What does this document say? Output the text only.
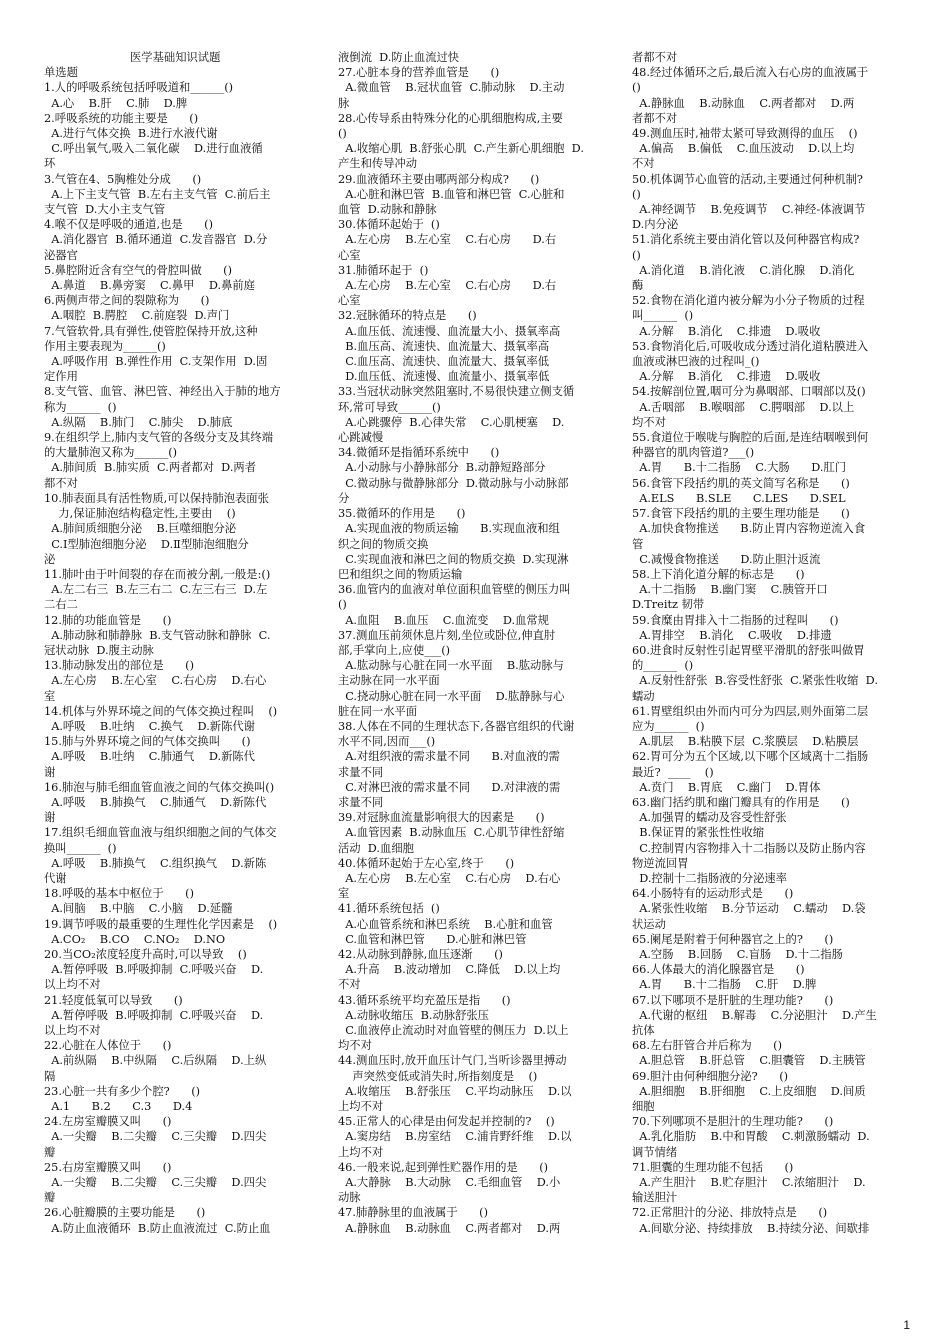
医学基础知识试题
单选题
1.人的呼吸系统包括呼吸道和______()
A.心    B.肝    C.肺    D.脾
2.呼吸系统的功能主要是      ()
A.进行气体交换  B.进行水液代谢
C.呼出氧气,吸入二氧化碳    D.进行血液循
环
3.气管在4、5胸椎处分成      ()
A.上下主支气管  B.左右主支气管  C.前后主
支气管  D.大小主支气管
4.喉不仅是呼吸的通道,也是      ()
A.消化器官  B.循环通道  C.发音器官  D.分
泌器官
5.鼻腔附近含有空气的骨腔叫做      ()
A.鼻道    B.鼻旁窦    C.鼻甲    D.鼻前庭
6.两侧声带之间的裂隙称为      ()
A.咽腔  B.腭腔    C.前庭裂  D.声门
7.气管软骨,具有弹性,使管腔保持开放,这种
作用主要表现为______()
A.呼吸作用  B.弹性作用  C.支架作用  D.固
定作用
8.支气管、血管、淋巴管、神经出入于肺的地方
称为______  ()
A.纵隔    B.肺门    C.肺尖    D.肺底
9.在组织学上,肺内支气管的各级分支及其终端
的大量肺泡又称为______()
A.肺间质  B.肺实质  C.两者都对  D.两者
都不对
10.肺表面具有活性物质,可以保持肺泡表面张
力,保证肺泡结构稳定性,主要由    ()
A.肺间质细胞分泌    B.巨噬细胞分泌
C.Ⅰ型肺泡细胞分泌    D.Ⅱ型肺泡细胞分
泌
11.肺叶由于叶间裂的存在而被分割,一般是:()
A.左二右三  B.左三右二  C.左三右三  D.左
二右二
12.肺的功能血管是      ()
A.肺动脉和肺静脉  B.支气管动脉和静脉  C.
冠状动脉  D.腹主动脉
13.肺动脉发出的部位是      ()
A.左心房    B.左心室    C.右心房    D.右心
室
14.机体与外界环境之间的气体交换过程叫    ()
A.呼吸    B.吐纳    C.换气    D.新陈代谢
15.肺与外界环境之间的气体交换叫      ()
A.呼吸    B.吐纳    C.肺通气    D.新陈代
谢
16.肺泡与肺毛细血管血液之间的气体交换叫()
A.呼吸    B.肺换气    C.肺通气    D.新陈代
谢
17.组织毛细血管血液与组织细胞之间的气体交
换叫______  ()
A.呼吸    B.肺换气    C.组织换气    D.新陈
代谢
18.呼吸的基本中枢位于      ()
A.间脑    B.中脑    C.小脑    D.延髓
19.调节呼吸的最重要的生理性化学因素是    ()
A.CO₂    B.CO    C.NO₂    D.NO
20.当CO₂浓度轻度升高时,可以导致    ()
A.暂停呼吸  B.呼吸抑制  C.呼吸兴奋    D.
以上均不对
21.轻度低氧可以导致      ()
A.暂停呼吸  B.呼吸抑制  C.呼吸兴奋    D.
以上均不对
22.心脏在人体位于      ()
A.前纵隔    B.中纵隔    C.后纵隔    D.上纵
隔
23.心脏一共有多少个腔?      ()
A.1      B.2      C.3      D.4
24.左房室瓣膜又叫      ()
A.一尖瓣    B.二尖瓣    C.三尖瓣    D.四尖
瓣
25.右房室瓣膜又叫      ()
A.一尖瓣    B.二尖瓣    C.三尖瓣    D.四尖
瓣
26.心脏瓣膜的主要功能是      ()
A.防止血液循环  B.防止血液流过  C.防止血
液倒流  D.防止血流过快
27.心脏本身的营养血管是      ()
A.微血管    B.冠状血管  C.肺动脉    D.主动
脉
28.心传导系由特殊分化的心肌细胞构成,主要
()
A.收缩心肌  B.舒张心肌  C.产生新心肌细胞  D.
产生和传导冲动
29.血液循环主要由哪两部分构成?      ()
A.心脏和淋巴管  B.血管和淋巴管  C.心脏和
血管  D.动脉和静脉
30.体循环起始于  ()
A.左心房    B.左心室    C.右心房      D.右
心室
31.肺循环起于  ()
A.左心房    B.左心室    C.右心房      D.右
心室
32.冠脉循环的特点是      ()
A.血压低、流速慢、血流量大小、摄氧率高
B.血压高、流速快、血流量大、摄氧率高
C.血压高、流速快、血流量大、摄氧率低
D.血压低、流速慢、血流量小、摄氧率低
33.当冠状动脉突然阻塞时,不易很快建立侧支循
环,常可导致______()
A.心跳骤停  B.心律失常    C.心肌梗塞    D.
心跳减慢
34.微循环是指循环系统中      ()
A.小动脉与小静脉部分  B.动静短路部分
C.微动脉与微静脉部分  D.微动脉与小动脉部
分
35.微循环的作用是      ()
A.实现血液的物质运输      B.实现血液和组
织之间的物质交换
C.实现血液和淋巴之间的物质交换  D.实现淋
巴和组织之间的物质运输
36.血管内的血液对单位面积血管壁的侧压力叫
()
A.血阻    B.血压    C.血流变    D.血常规
37.测血压前须休息片刻,坐位或卧位,伸直肘
部,手掌向上,应使___()
A.肱动脉与心脏在同一水平面    B.肱动脉与
主动脉在同一水平面
C.挠动脉心脏在同一水平面    D.肱静脉与心
脏在同一水平面
38.人体在不同的生理状态下,各器官组织的代谢
水平不同,因而___()
A.对组织液的需求量不同      B.对血液的需
求量不同
C.对淋巴液的需求量不同      D.对津液的需
求量不同
39.对冠脉血流量影响很大的因素是      ()
A.血管因素  B.动脉血压  C.心肌节律性舒缩
活动  D.血细胞
40.体循环起始于左心室,终于      ()
A.左心房    B.左心室    C.右心房    D.右心
室
41.循环系统包括  ()
A.心血管系统和淋巴系统    B.心脏和血管
C.血管和淋巴管      D.心脏和淋巴管
42.从动脉到静脉,血压逐渐      ()
A.升高    B.波动增加    C.降低    D.以上均
不对
43.循环系统平均充盈压是指      ()
A.动脉收缩压  B.动脉舒张压
C.血液停止流动时对血管壁的侧压力  D.以上
均不对
44.测血压时,放开血压计气门,当听诊器里搏动
声突然变低或消失时,所指刻度是    ()
A.收缩压    B.舒张压    C.平均动脉压    D.以
上均不对
45.正常人的心律是由何发起并控制的?    ()
A.窦房结    B.房室结    C.浦肯野纤维    D.以
上均不对
46.一般来说,起到弹性贮器作用的是      ()
A.大静脉    B.大动脉    C.毛细血管    D.小
动脉
47.肺静脉里的血液属于      ()
A.静脉血    B.动脉血    C.两者都对    D.两
者都不对
48.经过体循环之后,最后流入右心房的血液属于
()
A.静脉血    B.动脉血    C.两者都对    D.两
者都不对
49.测血压时,袖带太紧可导致测得的血压    ()
A.偏高    B.偏低    C.血压波动    D.以上均
不对
50.机体调节心血管的活动,主要通过何种机制?
()
A.神经调节    B.免疫调节    C.神经-体液调节
D.内分泌
51.消化系统主要由消化管以及何种器官构成?
()
A.消化道    B.消化液    C.消化腺    D.消化
酶
52.食物在消化道内被分解为小分子物质的过程
叫______  ()
A.分解    B.消化    C.排遗    D.吸收
53.食物消化后,可吸收成分透过消化道粘膜进入
血液或淋巴液的过程叫_()
A.分解    B.消化    C.排遗    D.吸收
54.按解剖位置,咽可分为鼻咽部、口咽部以及()
A.舌咽部    B.喉咽部    C.腭咽部    D.以上
均不对
55.食道位于喉咙与胸腔的后面,是连结咽喉到何
种器官的肌肉管道?___()
A.胃      B.十二指肠    C.大肠      D.肛门
56.食管下段括约肌的英文简写名称是      ()
A.ELS      B.SLE      C.LES      D.SEL
57.食管下段括约肌的主要生理功能是      ()
A.加快食物推送      B.防止胃内容物逆流入食
管
C.减慢食物推送      D.防止胆汁返流
58.上下消化道分解的标志是      ()
A.十二指肠    B.幽门窦    C.胰管开口
D.Treitz 韧带
59.食糜由胃排入十二指肠的过程叫      ()
A.胃排空    B.消化    C.吸收    D.排遗
60.进食时反射性引起胃壁平滑肌的舒张叫做胃
的______  ()
A.反射性舒张  B.容受性舒张  C.紧张性收缩  D.
蠕动
61.胃壁组织由外而内可分为四层,则外面第二层
应为______  ()
A.肌层    B.粘膜下层  C.浆膜层    D.粘膜层
62.胃可分为五个区域,以下哪个区域离十二指肠
最近?  ____    ()
A.贲门    B.胃底    C.幽门    D.胃体
63.幽门括约肌和幽门瓣具有的作用是      ()
A.加强胃的蠕动及容受性舒张
B.保证胃的紧张性性收缩
C.控制胃内容物排入十二指肠以及防止肠内容
物逆流回胃
D.控制十二指肠液的分泌速率
64.小肠特有的运动形式是      ()
A.紧张性收缩    B.分节运动    C.蠕动    D.袋
状运动
65.阑尾是附着于何种器官之上的?      ()
A.空肠    B.回肠    C.盲肠    D.十二指肠
66.人体最大的消化腺器官是      ()
A.胃      B.十二指肠    C.肝    D.脾
67.以下哪项不是肝脏的生理功能?      ()
A.代谢的枢纽    B.解毒    C.分泌胆汁    D.产生
抗体
68.左右肝管合并后称为      ()
A.胆总管    B.肝总管    C.胆囊管    D.主胰管
69.胆汁由何种细胞分泌?      ()
A.胆细胞    B.肝细胞    C.上皮细胞    D.间质
细胞
70.下列哪项不是胆汁的生理功能?      ()
A.乳化脂肪    B.中和胃酸    C.刺激肠蠕动  D.
调节情绪
71.胆囊的生理功能不包括      ()
A.产生胆汁    B.贮存胆汁    C.浓缩胆汁    D.
输送胆汁
72.正常胆汁的分泌、排放特点是      ()
A.间歇分泌、持续排放    B.持续分泌、间歇排
1
